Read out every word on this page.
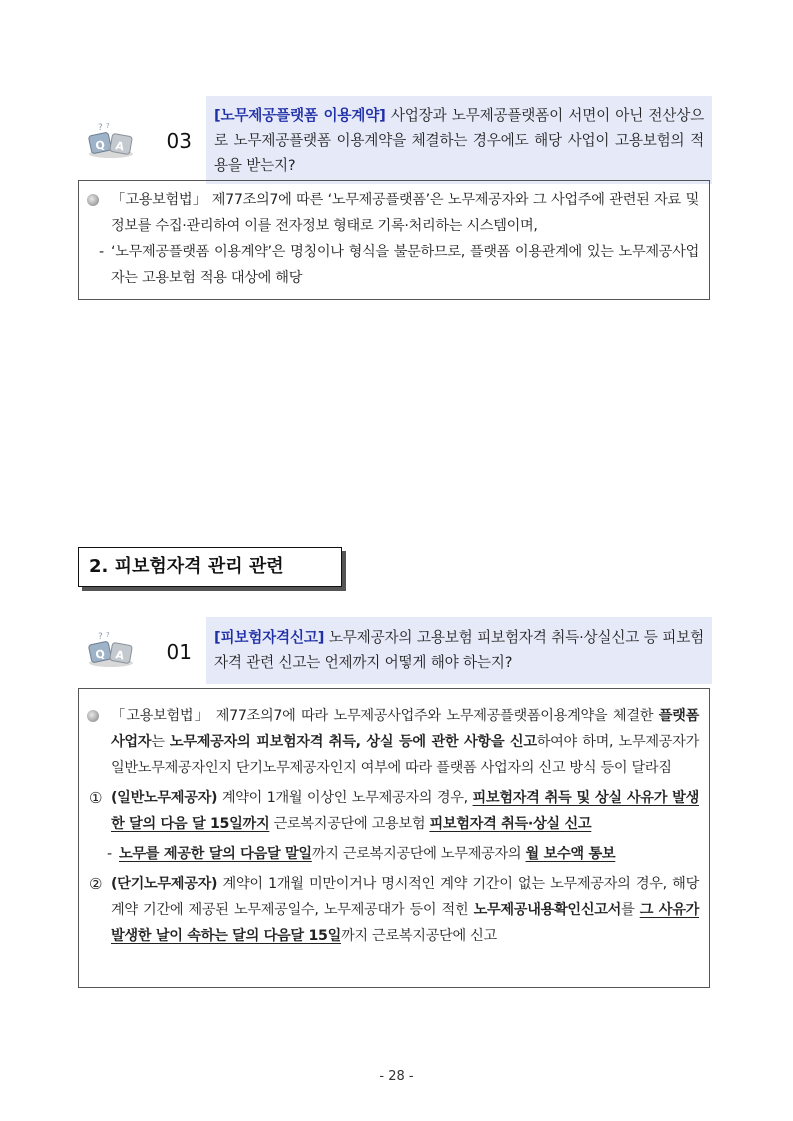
Q A
? ?
03
[노무제공플랫폼 이용계약] 사업장과 노무제공플랫폼이 서면이 아닌 전산상으로 노무제공플랫폼 이용계약을 체결하는 경우에도 해당 사업이 고용보험의 적용을 받는지?
「고용보험법」 제77조의7에 따른 ‘노무제공플랫폼’은 노무제공자와 그 사업주에 관련된 자료 및 정보를 수집·관리하여 이를 전자정보 형태로 기록·처리하는 시스템이며,
- ‘노무제공플랫폼 이용계약’은 명칭이나 형식을 불문하므로, 플랫폼 이용관계에 있는 노무제공사업자는 고용보험 적용 대상에 해당
2. 피보험자격 관리 관련
Q A
? ?
01
[피보험자격신고] 노무제공자의 고용보험 피보험자격 취득·상실신고 등 피보험자격 관련 신고는 언제까지 어떻게 해야 하는지?
「고용보험법」 제77조의7에 따라 노무제공사업주와 노무제공플랫폼이용계약을 체결한 플랫폼사업자는 노무제공자의 피보험자격 취득, 상실 등에 관한 사항을 신고하여야 하며, 노무제공자가 일반노무제공자인지 단기노무제공자인지 여부에 따라 플랫폼 사업자의 신고 방식 등이 달라짐
① (일반노무제공자) 계약이 1개월 이상인 노무제공자의 경우, 피보험자격 취득 및 상실 사유가 발생한 달의 다음 달 15일까지 근로복지공단에 고용보험 피보험자격 취득·상실 신고
- 노무를 제공한 달의 다음달 말일까지 근로복지공단에 노무제공자의 월 보수액 통보
② (단기노무제공자) 계약이 1개월 미만이거나 명시적인 계약 기간이 없는 노무제공자의 경우, 해당 계약 기간에 제공된 노무제공일수, 노무제공대가 등이 적힌 노무제공내용확인신고서를 그 사유가 발생한 날이 속하는 달의 다음달 15일까지 근로복지공단에 신고
- 28 -
